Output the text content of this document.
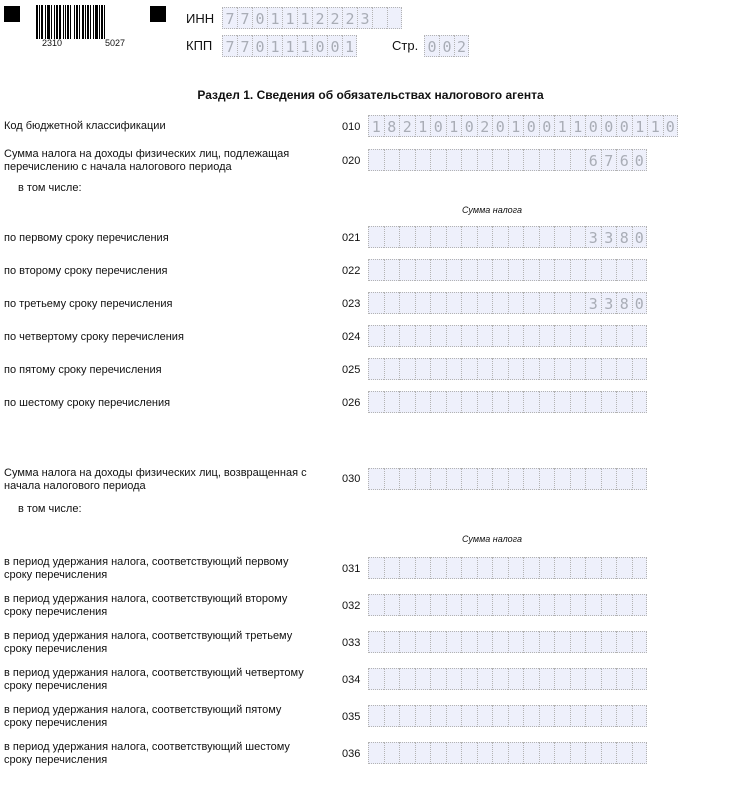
2310	5027
ИНН 7 7 0 1 1 1 2 2 2 З
КПП 7 7 0 1 1 1 0 0 1	Стр. 0 0 2
Раздел 1. Сведения об обязательствах налогового агента
Код бюджетной классификации	010 1 8 2 1 0 1 0 2 0 1 0 0 1 1 0 0 0 1 1 0
Сумма налога на доходы физических лиц, подлежащая
перечислению с начала налогового периода	020	6 7 6 0
в том числе:
Сумма налога
по первому сроку перечисления	021	3 3 8 0
по второму сроку перечисления	022
по третьему сроку перечисления	023	3 3 8 0
по четвертому сроку перечисления	024
по пятому сроку перечисления	025
по шестому сроку перечисления	026
Сумма налога на доходы физических лиц, возвращенная с
начала налогового периода
030
в том числе:
Сумма налога
в период удержания налога, соответствующий первому
сроку перечисления	031
в период удержания налога, соответствующий второму
сроку перечисления	032
в период удержания налога, соответствующий третьему
сроку перечисления	033
в период удержания налога, соответствующий четвертому
сроку перечисления	034
в период удержания налога, соответствующий пятому
сроку перечисления	035
в период удержания налога, соответствующий шестому
сроку перечисления	036
